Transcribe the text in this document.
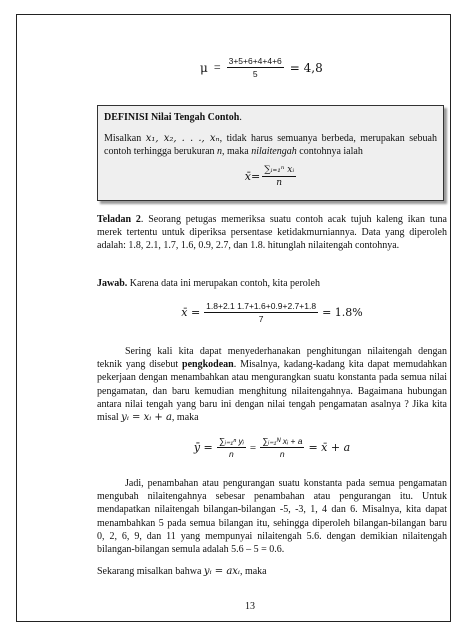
$\mu = \frac{3+5+6+4+4+6}{5} = 4,8$
DEFINISI Nilai Tengah Contoh.
Misalkan x₁, x₂, . . ., xₙ, tidak harus semuanya berbeda, merupakan sebuah contoh terhingga berukuran n, maka nilaitengah contohnya ialah
x̄= $\frac{\text{∑ᵢ₌₁ⁿ xᵢ}}{n}$
Teladan 2. Seorang petugas memeriksa suatu contoh acak tujuh kaleng ikan tuna merek tertentu untuk diperiksa persentase ketidakmurniannya. Data yang diperoleh adalah: 1.8, 2.1, 1.7, 1.6, 0.9, 2.7, dan 1.8. hitunglah nilaitengah contohnya.
Jawab. Karena data ini merupakan contoh, kita peroleh
x̄ = $\frac{1.8+2.1 1.7+1.6+0.9+2.7+1.8}{7} = 1.8\%$
Sering kali kita dapat menyederhanakan penghitungan nilaitengah dengan teknik yang disebut pengkodean. Misalnya, kadang-kadang kita dapat memudahkan pekerjaan dengan menambahkan atau mengurangkan suatu konstanta pada semua nilai pengamatan, dan baru kemudian menghitung nilaitengahnya. Bagaimana hubungan antara nilai tengah yang baru ini dengan nilai tengah pengamatan asalnya ? Jika kita misal yᵢ = xᵢ + a, maka
ȳ = $\frac{\text{∑ᵢ₌₁ⁿ yᵢ}}{n} = \frac{\text{∑ᵢ₌₁ᴺ xᵢ + a}}{n}$ = x̄ + a
Jadi, penambahan atau pengurangan suatu konstanta pada semua pengamatan mengubah nilaitengahnya sebesar penambahan atau pengurangan itu. Untuk mendapatkan nilaitengah bilangan-bilangan -5, -3, 1, 4 dan 6. Misalnya, kita dapat menambahkan 5 pada semua bilangan itu, sehingga diperoleh bilangan-bilangan baru 0, 2, 6, 9, dan 11 yang mempunyai nilaitengah 5.6. dengan demikian nilaitengah bilangan-bilangan semula adalah 5.6 – 5 = 0.6.
Sekarang misalkan bahwa yᵢ = axᵢ, maka
13
